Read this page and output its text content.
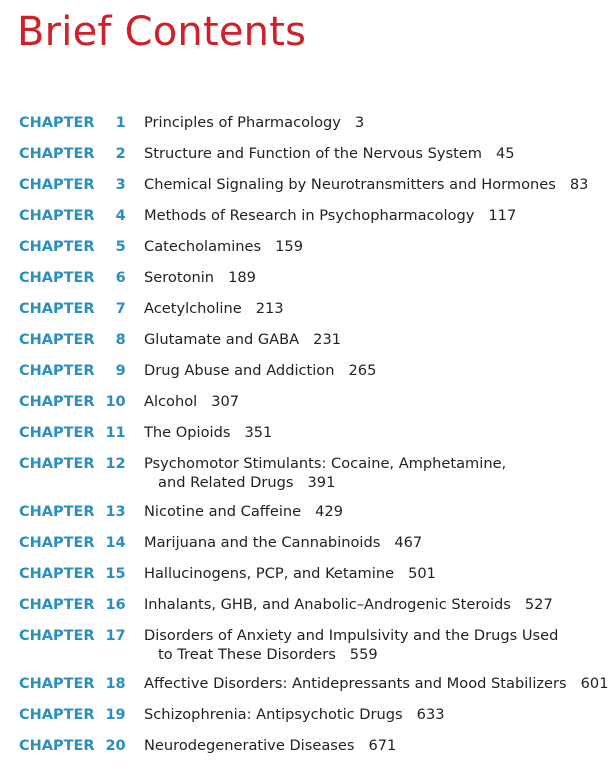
Brief Contents
CHAPTER 1 Principles of Pharmacology 3
CHAPTER 2 Structure and Function of the Nervous System 45
CHAPTER 3 Chemical Signaling by Neurotransmitters and Hormones 83
CHAPTER 4 Methods of Research in Psychopharmacology 117
CHAPTER 5 Catecholamines 159
CHAPTER 6 Serotonin 189
CHAPTER 7 Acetylcholine 213
CHAPTER 8 Glutamate and GABA 231
CHAPTER 9 Drug Abuse and Addiction 265
CHAPTER 10 Alcohol 307
CHAPTER 11 The Opioids 351
CHAPTER 12 Psychomotor Stimulants: Cocaine, Amphetamine,
and Related Drugs 391
CHAPTER 13 Nicotine and Caffeine 429
CHAPTER 14 Marijuana and the Cannabinoids 467
CHAPTER 15 Hallucinogens, PCP, and Ketamine 501
CHAPTER 16 Inhalants, GHB, and Anabolic–Androgenic Steroids 527
CHAPTER 17 Disorders of Anxiety and Impulsivity and the Drugs Used
to Treat These Disorders 559
CHAPTER 18 Affective Disorders: Antidepressants and Mood Stabilizers 601
CHAPTER 19 Schizophrenia: Antipsychotic Drugs 633
CHAPTER 20 Neurodegenerative Diseases 671
